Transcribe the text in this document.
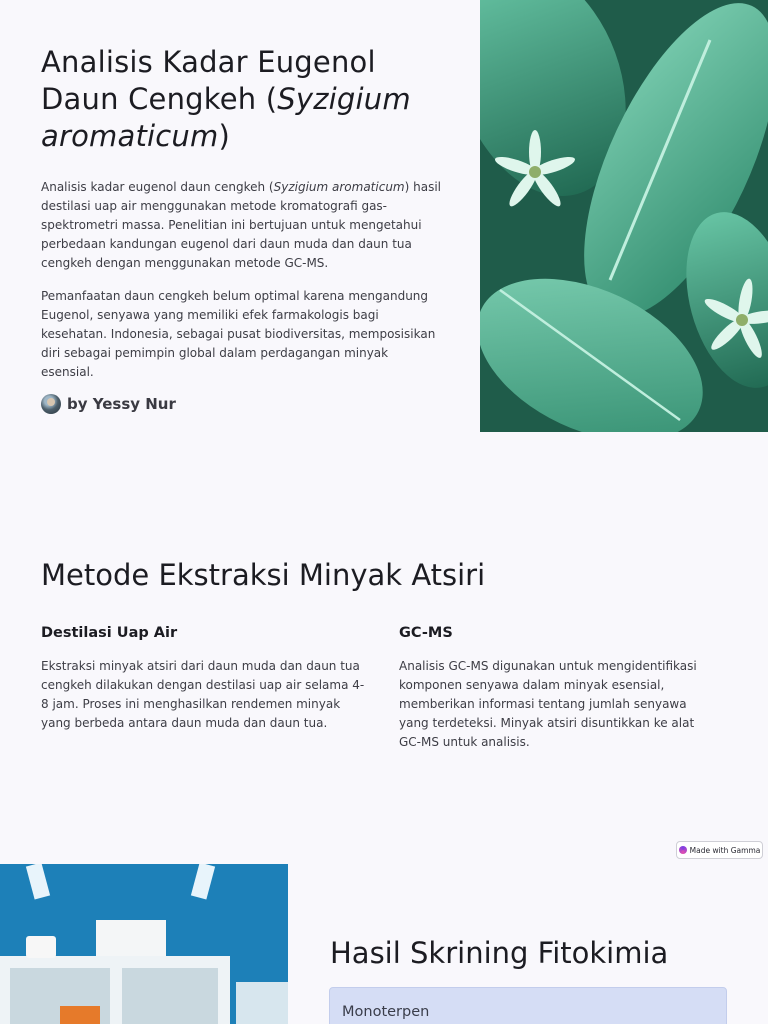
Analisis Kadar Eugenol Daun Cengkeh (Syzigium aromaticum)

Analisis kadar eugenol daun cengkeh (Syzigium aromaticum) hasil destilasi uap air menggunakan metode kromatografi gas-spektrometri massa. Penelitian ini bertujuan untuk mengetahui perbedaan kandungan eugenol dari daun muda dan daun tua cengkeh dengan menggunakan metode GC-MS.

Pemanfaatan daun cengkeh belum optimal karena mengandung Eugenol, senyawa yang memiliki efek farmakologis bagi kesehatan. Indonesia, sebagai pusat biodiversitas, memposisikan diri sebagai pemimpin global dalam perdagangan minyak esensial.

by Yessy Nur
Metode Ekstraksi Minyak Atsiri
Destilasi Uap Air

Ekstraksi minyak atsiri dari daun muda dan daun tua cengkeh dilakukan dengan destilasi uap air selama 4-8 jam. Proses ini menghasilkan rendemen minyak yang berbeda antara daun muda dan daun tua.

GC-MS

Analisis GC-MS digunakan untuk mengidentifikasi komponen senyawa dalam minyak esensial, memberikan informasi tentang jumlah senyawa yang terdeteksi. Minyak atsiri disuntikkan ke alat GC-MS untuk analisis.

Made with Gamma
Hasil Skrining Fitokimia
Monoterpen
